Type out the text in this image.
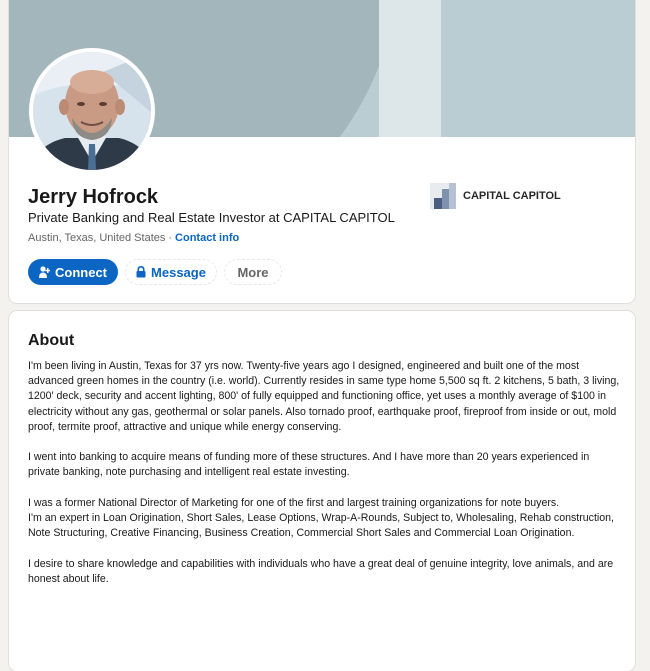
Jerry Hofrock
Private Banking and Real Estate Investor at CAPITAL CAPITOL
Austin, Texas, United States · Contact info
CAPITAL CAPITOL
Connect	Message More
About

I'm been living in Austin, Texas for 37 yrs now. Twenty-five years ago I designed, engineered and built one of the most advanced green homes in the country (i.e. world). Currently resides in same type home 5,500 sq ft. 2 kitchens, 5 bath, 3 living, 1200' deck, security and accent lighting, 800' of fully equipped and functioning office, yet uses a monthly average of $100 in electricity without any gas, geothermal or solar panels. Also tornado proof, earthquake proof, fireproof from inside or out, mold proof, termite proof, attractive and unique while energy conserving.

I went into banking to acquire means of funding more of these structures. And I have more than 20 years experienced in private banking, note purchasing and intelligent real estate investing.

I was a former National Director of Marketing for one of the first and largest training organizations for note buyers.

I'm an expert in Loan Origination, Short Sales, Lease Options, Wrap-A-Rounds, Subject to, Wholesaling, Rehab construction, Note Structuring, Creative Financing, Business Creation, Commercial Short Sales and Commercial Loan Origination.

I desire to share knowledge and capabilities with individuals who have a great deal of genuine integrity, love animals, and are honest about life.
